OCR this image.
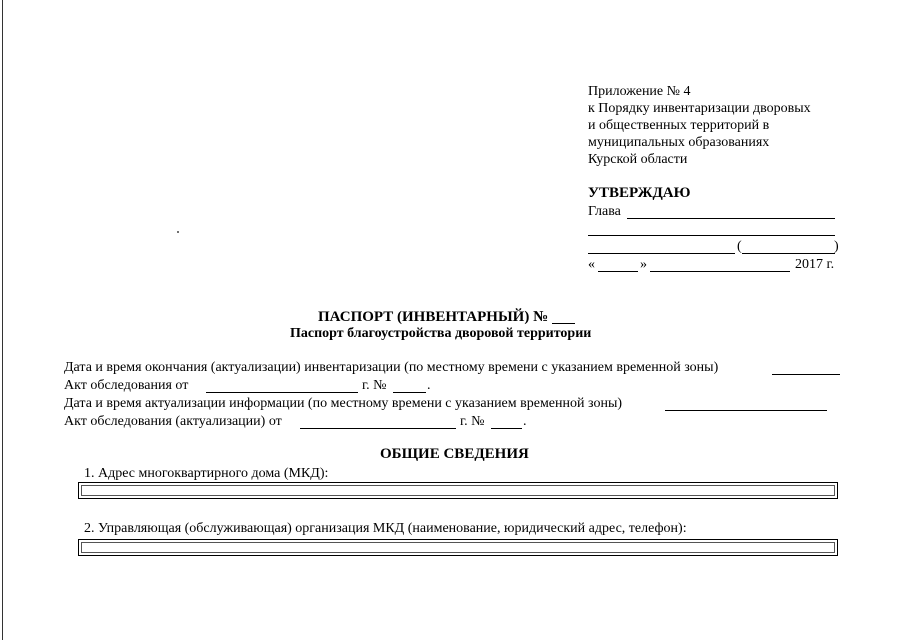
Приложение № 4
к Порядку инвентаризации дворовых
и общественных территорий в
муниципальных образованиях
Курской области
УТВЕРЖДАЮ
Глава
(	)
«	»	2017 г.
ПАСПОРТ (ИНВЕНТАРНЫЙ) №
Паспорт благоустройства дворовой территории
Дата и время окончания (актуализации) инвентаризации (по местному времени с указанием временной зоны)
Акт обследования от	г. №	.
Дата и время актуализации информации (по местному времени с указанием временной зоны)
Акт обследования (актуализации) от	г. №	.
ОБЩИЕ СВЕДЕНИЯ
1. Адрес многоквартирного дома (МКД):
2. Управляющая (обслуживающая) организация МКД (наименование, юридический адрес, телефон):
